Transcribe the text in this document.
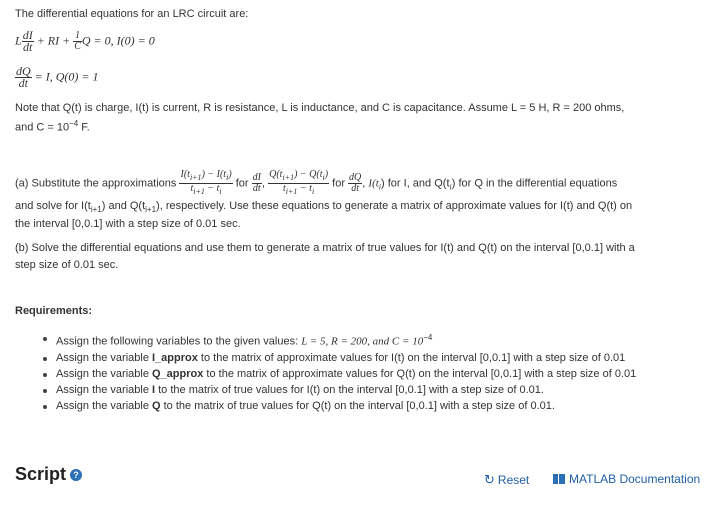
The differential equations for an LRC circuit are:
L $\frac{dI}{dt}$ + RI + $\frac{1}{C}$ Q = 0, I(0) = 0
$\frac{dQ}{dt} = I$, Q(0) = 1
Note that Q(t) is charge, I(t) is current, R is resistance, L is inductance, and C is capacitance. Assume L = 5 H, R = 200 ohms,
and $C = 10^{-4}$ F.
(a) Substitute the approximations $\frac{I(t_{i+1}) - I(t_i)}{t_{i+1} - t_i}$ for $\frac{dI}{dt}$ , $\frac{Q(t_{i+1}) - Q(t_i)}{t_{i+1} - t_i}$ for $\frac{dQ}{dt}$ , $I(t_i)$ for I, and $Q(t_i)$ for Q in the differential equations
and solve for $I(t_{i+1})$ and $Q(t_{i+1})$, respectively. Use these equations to generate a matrix of approximate values for I(t) and Q(t) on
the interval [0,0.1] with a step size of 0.01 sec.
(b) Solve the differential equations and use them to generate a matrix of true values for I(t) and Q(t) on the interval [0,0.1] with a
step size of 0.01 sec.
Requirements:
Assign the following variables to the given values: L = 5, R = 200, and $C = 10^{-4}$
Assign the variable I_approx to the matrix of approximate values for I(t) on the interval [0,0.1] with a step size of 0.01
Assign the variable Q_approx to the matrix of approximate values for Q(t) on the interval [0,0.1] with a step size of 0.01
Assign the variable I to the matrix of true values for I(t) on the interval [0,0.1] with a step size of 0.01.
Assign the variable Q to the matrix of true values for Q(t) on the interval [0,0.1] with a step size of 0.01.
Script ?	↻ Reset	MATLAB Documentation
